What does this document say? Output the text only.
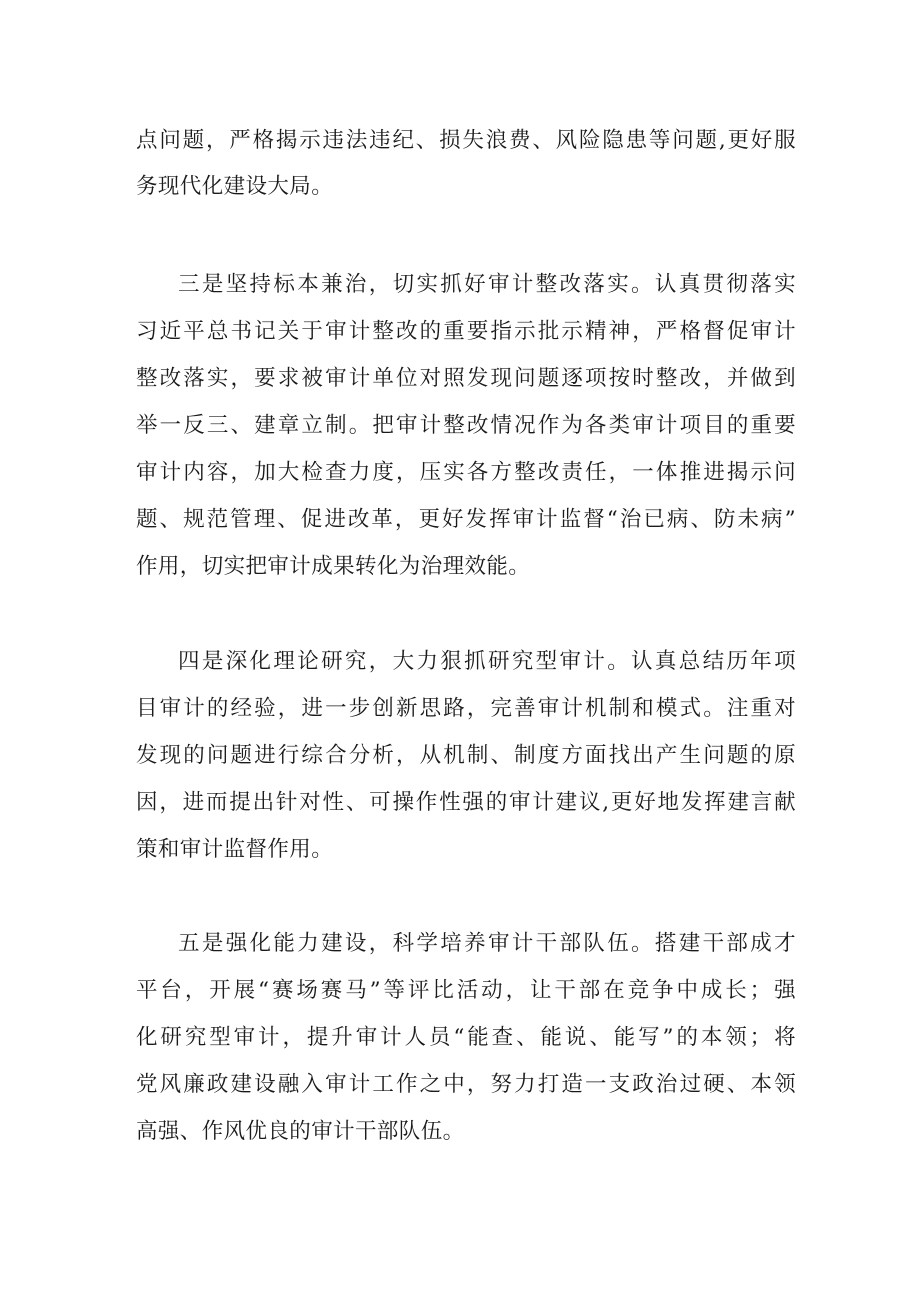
点问题，严格揭示违法违纪、损失浪费、风险隐患等问题,更好服
务现代化建设大局。
三是坚持标本兼治，切实抓好审计整改落实。认真贯彻落实
习近平总书记关于审计整改的重要指示批示精神，严格督促审计
整改落实，要求被审计单位对照发现问题逐项按时整改，并做到
举一反三、建章立制。把审计整改情况作为各类审计项目的重要
审计内容，加大检查力度，压实各方整改责任，一体推进揭示问
题、规范管理、促进改革，更好发挥审计监督“治已病、防未病”
作用，切实把审计成果转化为治理效能。
四是深化理论研究，大力狠抓研究型审计。认真总结历年项
目审计的经验，进一步创新思路，完善审计机制和模式。注重对
发现的问题进行综合分析，从机制、制度方面找出产生问题的原
因，进而提出针对性、可操作性强的审计建议,更好地发挥建言献
策和审计监督作用。
五是强化能力建设，科学培养审计干部队伍。搭建干部成才
平台，开展“赛场赛马”等评比活动，让干部在竞争中成长；强
化研究型审计，提升审计人员“能查、能说、能写”的本领；将
党风廉政建设融入审计工作之中，努力打造一支政治过硬、本领
高强、作风优良的审计干部队伍。
